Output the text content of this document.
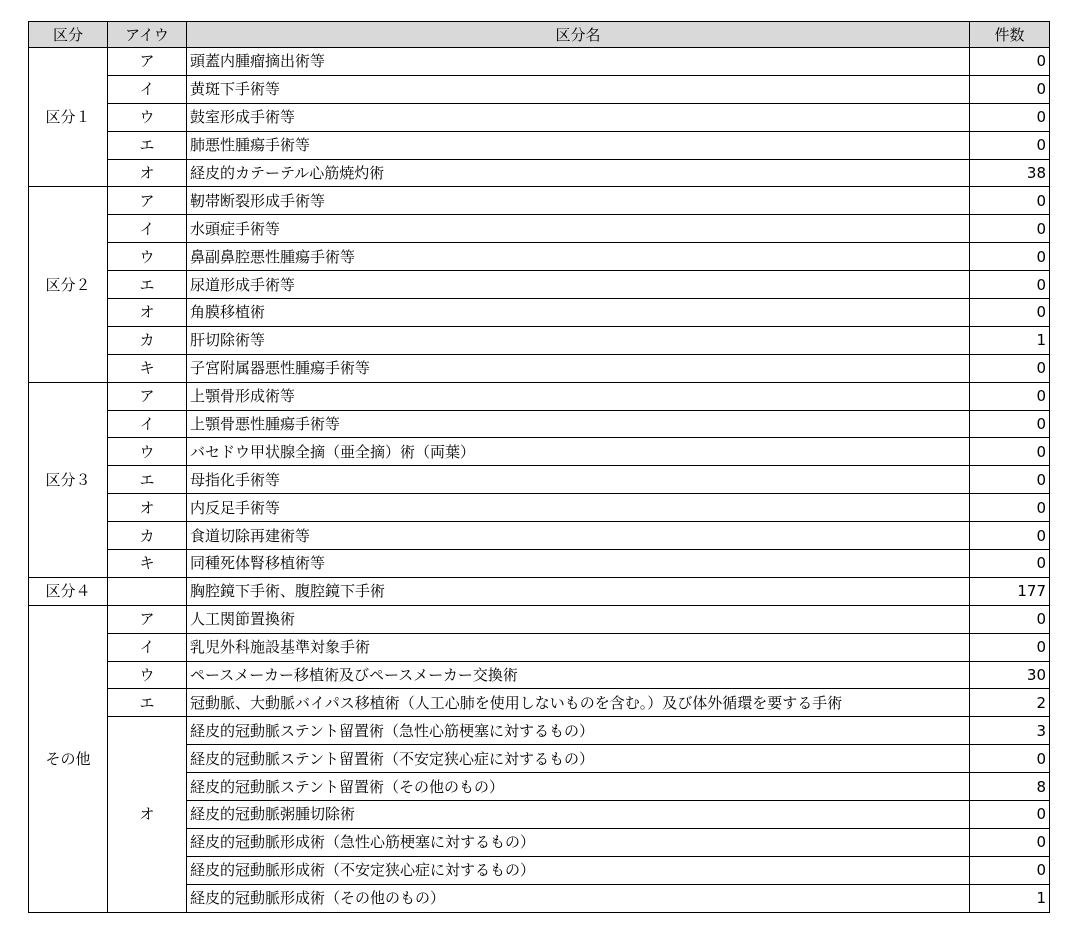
区分	アイウ	区分名	件数
区分１	ア	頭蓋内腫瘤摘出術等	0
	イ	黄斑下手術等	0
	ウ	鼓室形成手術等	0
	エ	肺悪性腫瘍手術等	0
	オ	経皮的カテーテル心筋焼灼術	38
区分２	ア	靭帯断裂形成手術等	0
	イ	水頭症手術等	0
	ウ	鼻副鼻腔悪性腫瘍手術等	0
	エ	尿道形成手術等	0
	オ	角膜移植術	0
	カ	肝切除術等	1
	キ	子宮附属器悪性腫瘍手術等	0
区分３	ア	上顎骨形成術等	0
	イ	上顎骨悪性腫瘍手術等	0
	ウ	バセドウ甲状腺全摘（亜全摘）術（両葉）	0
	エ	母指化手術等	0
	オ	内反足手術等	0
	カ	食道切除再建術等	0
	キ	同種死体腎移植術等	0
区分４		胸腔鏡下手術、腹腔鏡下手術	177
その他	ア	人工関節置換術	0
	イ	乳児外科施設基準対象手術	0
	ウ	ペースメーカー移植術及びペースメーカー交換術	30
	エ	冠動脈、大動脈バイパス移植術（人工心肺を使用しないものを含む。）及び体外循環を要する手術	2
	オ	経皮的冠動脈ステント留置術（急性心筋梗塞に対するもの）	3
		経皮的冠動脈ステント留置術（不安定狭心症に対するもの）	0
		経皮的冠動脈ステント留置術（その他のもの）	8
		経皮的冠動脈粥腫切除術	0
		経皮的冠動脈形成術（急性心筋梗塞に対するもの）	0
		経皮的冠動脈形成術（不安定狭心症に対するもの）	0
		経皮的冠動脈形成術（その他のもの）	1
